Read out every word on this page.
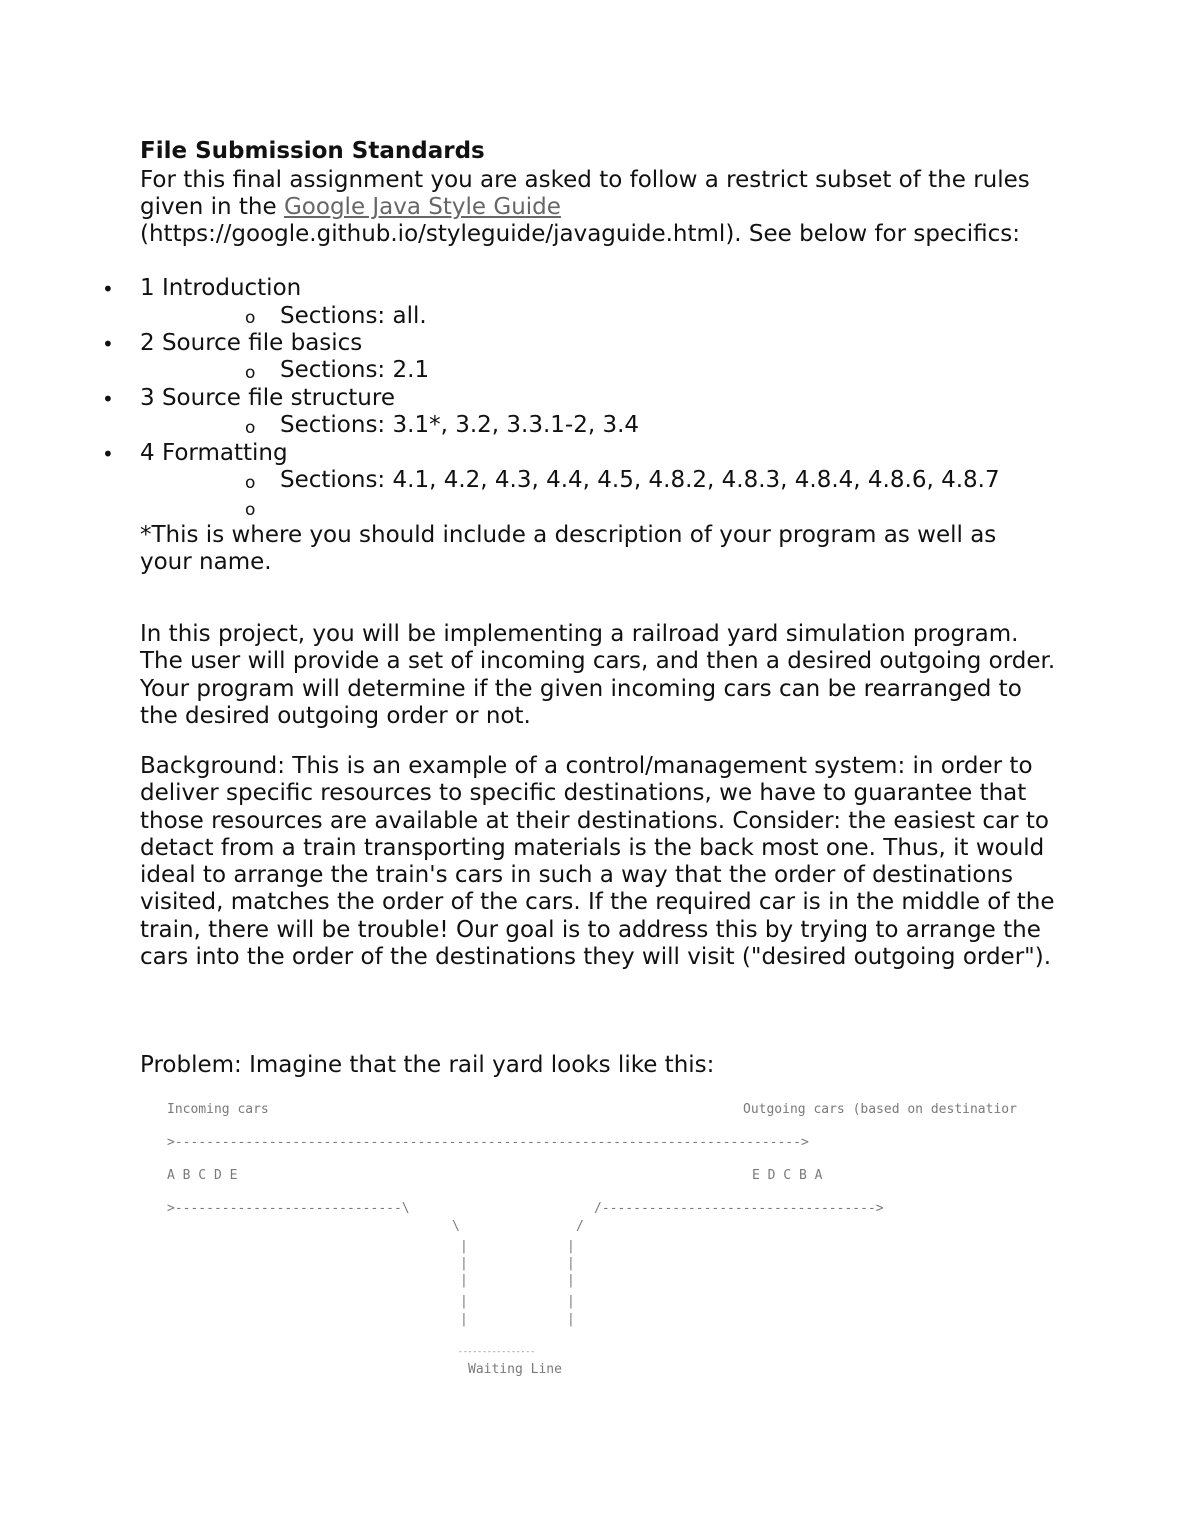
File Submission Standards
For this final assignment you are asked to follow a restrict subset of the rules
given in the Google Java Style Guide
(https://google.github.io/styleguide/javaguide.html). See below for specifics:
• 1 Introduction
o Sections: all.
• 2 Source file basics
o Sections: 2.1
• 3 Source file structure
o Sections: 3.1*, 3.2, 3.3.1-2, 3.4
• 4 Formatting
o Sections: 4.1, 4.2, 4.3, 4.4, 4.5, 4.8.2, 4.8.3, 4.8.4, 4.8.6, 4.8.7
o
*This is where you should include a description of your program as well as your name.
In this project, you will be implementing a railroad yard simulation program. The user will provide a set of incoming cars, and then a desired outgoing order. Your program will determine if the given incoming cars can be rearranged to the desired outgoing order or not.
Background: This is an example of a control/management system: in order to deliver specific resources to specific destinations, we have to guarantee that those resources are available at their destinations. Consider: the easiest car to detact from a train transporting materials is the back most one. Thus, it would ideal to arrange the train's cars in such a way that the order of destinations visited, matches the order of the cars. If the required car is in the middle of the train, there will be trouble! Our goal is to address this by trying to arrange the cars into the order of the destinations they will visit ("desired outgoing order").
Problem: Imagine that the rail yard looks like this:
Incoming cars	Outgoing cars (based on destinatior
>-------------------------------------------------------------------------------->
A B C D E	E D C B A
>-----------------------------\	/----------------------------------->
\	/
|	|
|	|
|	|
|	|
|	|
----------------
Waiting Line
